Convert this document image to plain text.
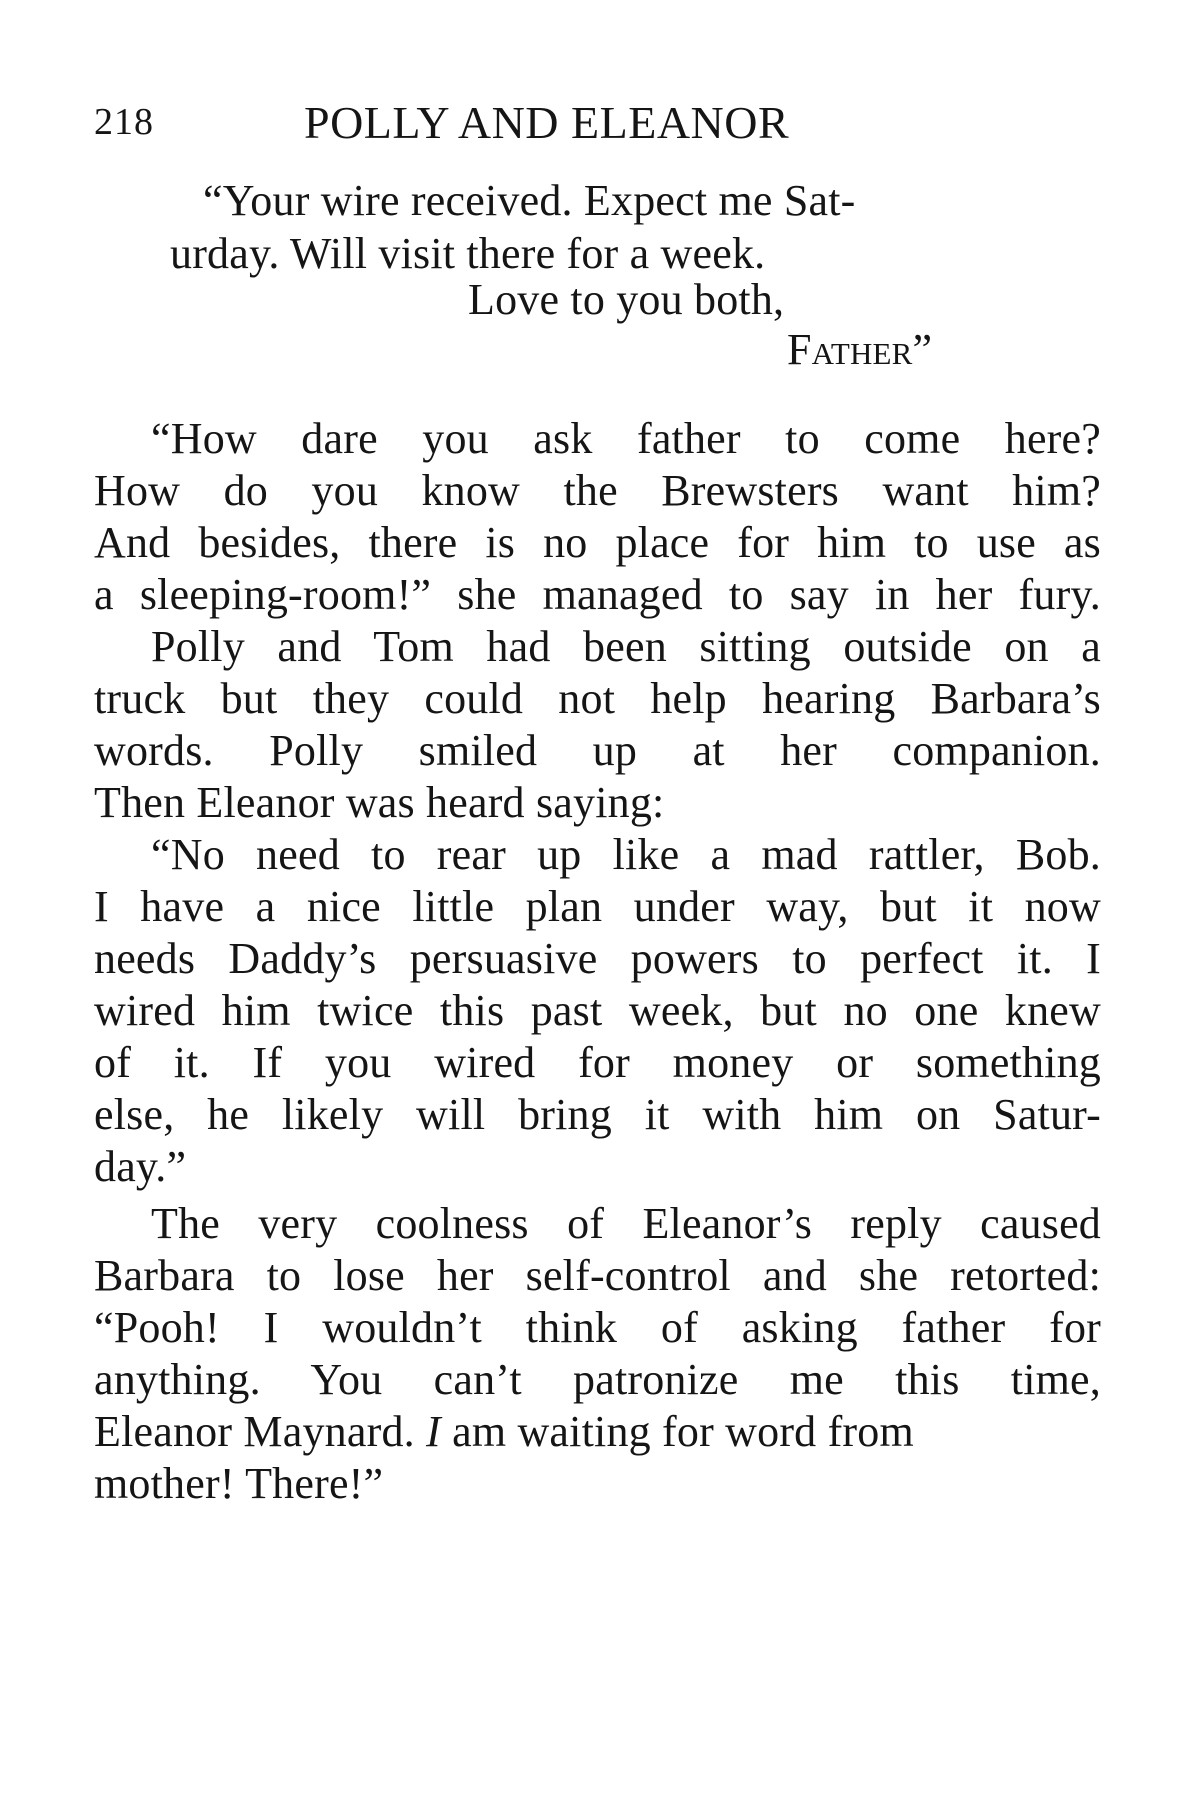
218	POLLY AND ELEANOR
“Your wire received. Expect me Sat-
urday. Will visit there for a week.
Love to you both,
Father”
“How dare you ask father to come here?
How do you know the Brewsters want him?
And besides, there is no place for him to use as
a sleeping-room!” she managed to say in her fury.
Polly and Tom had been sitting outside on a
truck but they could not help hearing Barbara’s
words. Polly smiled up at her companion.
Then Eleanor was heard saying:
“No need to rear up like a mad rattler, Bob.
I have a nice little plan under way, but it now
needs Daddy’s persuasive powers to perfect it. I
wired him twice this past week, but no one knew
of it. If you wired for money or something
else, he likely will bring it with him on Satur-
day.”
The very coolness of Eleanor’s reply caused
Barbara to lose her self-control and she retorted:
“Pooh! I wouldn’t think of asking father for
anything. You can’t patronize me this time,
Eleanor Maynard. I am waiting for word from
mother! There!”
